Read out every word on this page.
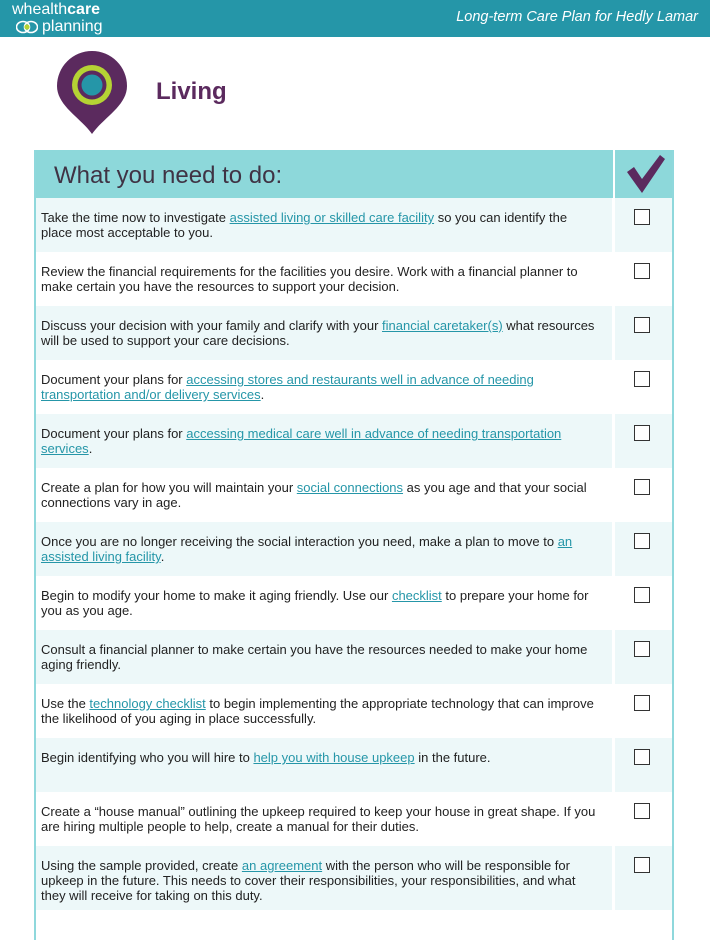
whealthcare
planning
Long-term Care Plan for Hedly Lamar
Living
What you need to do:
Take the time now to investigate assisted living or skilled care facility so you can identify the place most acceptable to you.
Review the financial requirements for the facilities you desire. Work with a financial planner to make certain you have the resources to support your decision.
Discuss your decision with your family and clarify with your financial caretaker(s) what resources will be used to support your care decisions.
Document your plans for accessing stores and restaurants well in advance of needing transportation and/or delivery services.
Document your plans for accessing medical care well in advance of needing transportation services.
Create a plan for how you will maintain your social connections as you age and that your social connections vary in age.
Once you are no longer receiving the social interaction you need, make a plan to move to an assisted living facility.
Begin to modify your home to make it aging friendly. Use our checklist to prepare your home for you as you age.
Consult a financial planner to make certain you have the resources needed to make your home aging friendly.
Use the technology checklist to begin implementing the appropriate technology that can improve the likelihood of you aging in place successfully.
Begin identifying who you will hire to help you with house upkeep in the future.
Create a “house manual” outlining the upkeep required to keep your house in great shape. If you are hiring multiple people to help, create a manual for their duties.
Using the sample provided, create an agreement with the person who will be responsible for upkeep in the future. This needs to cover their responsibilities, your responsibilities, and what they will receive for taking on this duty.
